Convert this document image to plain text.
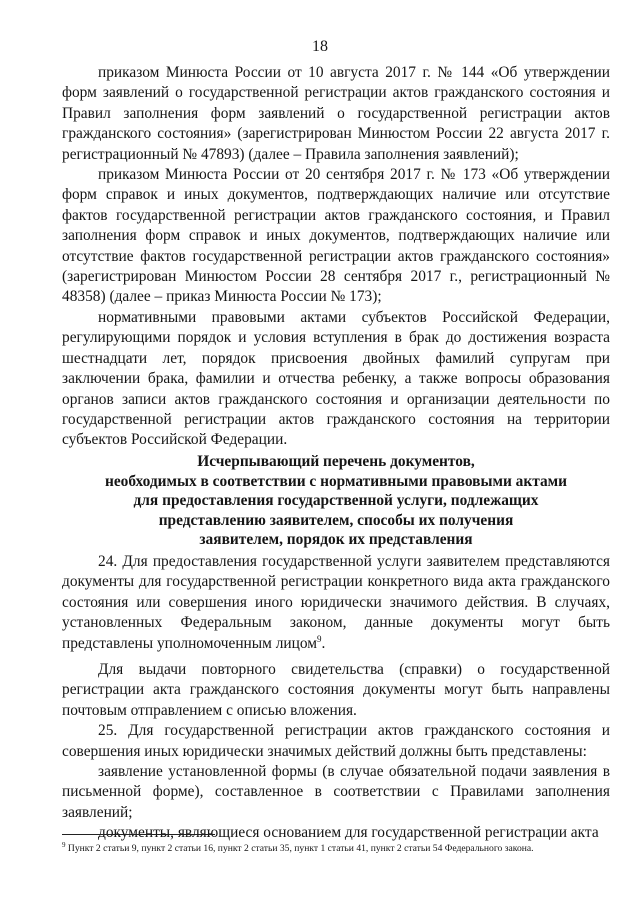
18

приказом Минюста России от 10 августа 2017 г. № 144 «Об утверждении форм заявлений о государственной регистрации актов гражданского состояния и Правил заполнения форм заявлений о государственной регистрации актов гражданского состояния» (зарегистрирован Минюстом России 22 августа 2017 г. регистрационный № 47893) (далее – Правила заполнения заявлений);

приказом Минюста России от 20 сентября 2017 г. № 173 «Об утверждении форм справок и иных документов, подтверждающих наличие или отсутствие фактов государственной регистрации актов гражданского состояния, и Правил заполнения форм справок и иных документов, подтверждающих наличие или отсутствие фактов государственной регистрации актов гражданского состояния» (зарегистрирован Минюстом России 28 сентября 2017 г., регистрационный № 48358) (далее – приказ Минюста России № 173);

нормативными правовыми актами субъектов Российской Федерации, регулирующими порядок и условия вступления в брак до достижения возраста шестнадцати лет, порядок присвоения двойных фамилий супругам при заключении брака, фамилии и отчества ребенку, а также вопросы образования органов записи актов гражданского состояния и организации деятельности по государственной регистрации актов гражданского состояния на территории субъектов Российской Федерации.

Исчерпывающий перечень документов,
необходимых в соответствии с нормативными правовыми актами
для предоставления государственной услуги, подлежащих
представлению заявителем, способы их получения
заявителем, порядок их представления

24. Для предоставления государственной услуги заявителем представляются документы для государственной регистрации конкретного вида акта гражданского состояния или совершения иного юридически значимого действия. В случаях, установленных Федеральным законом, данные документы могут быть представлены уполномоченным лицом$^9$.

Для выдачи повторного свидетельства (справки) о государственной регистрации акта гражданского состояния документы могут быть направлены почтовым отправлением с описью вложения.

25. Для государственной регистрации актов гражданского состояния и совершения иных юридически значимых действий должны быть представлены:

заявление установленной формы (в случае обязательной подачи заявления в письменной форме), составленное в соответствии с Правилами заполнения заявлений;

документы, являющиеся основанием для государственной регистрации акта

$^9$ Пункт 2 статьи 9, пункт 2 статьи 16, пункт 2 статьи 35, пункт 1 статьи 41, пункт 2 статьи 54 Федерального закона.
